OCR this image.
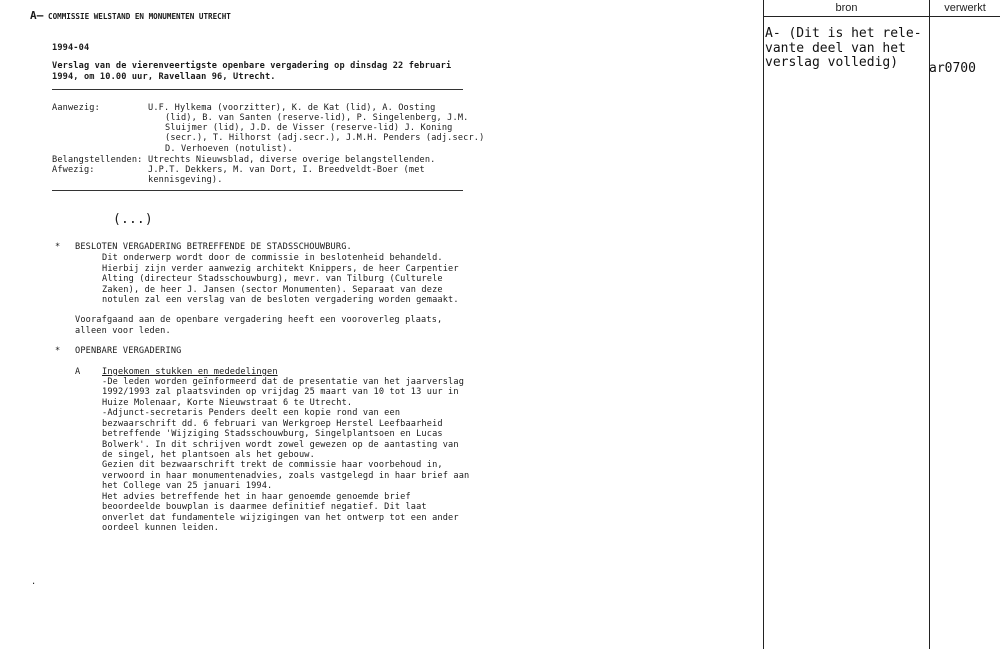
A– COMMISSIE WELSTAND EN MONUMENTEN UTRECHT
1994-04
Verslag van de vierenveertigste openbare vergadering op dinsdag 22 februari
1994, om 10.00 uur, Ravellaan 96, Utrecht.
Aanwezig:	U.F. Hylkema (voorzitter), K. de Kat (lid), A. Oosting
(lid), B. van Santen (reserve-lid), P. Singelenberg, J.M.
Sluijmer (lid), J.D. de Visser (reserve-lid) J. Koning
(secr.), T. Hilhorst (adj.secr.), J.M.H. Penders (adj.secr.)
D. Verhoeven (notulist).
Belangstellenden: Utrechts Nieuwsblad, diverse overige belangstellenden.
Afwezig:	J.P.T. Dekkers, M. van Dort, I. Breedveldt-Boer (met
kennisgeving).
(...)
* BESLOTEN VERGADERING BETREFFENDE DE STADSSCHOUWBURG.
Dit onderwerp wordt door de commissie in beslotenheid behandeld.
Hierbij zijn verder aanwezig architekt Knippers, de heer Carpentier
Alting (directeur Stadsschouwburg), mevr. van Tilburg (Culturele
Zaken), de heer J. Jansen (sector Monumenten). Separaat van deze
notulen zal een verslag van de besloten vergadering worden gemaakt.
Voorafgaand aan de openbare vergadering heeft een vooroverleg plaats,
alleen voor leden.
* OPENBARE VERGADERING
A	Ingekomen stukken en mededelingen
-De leden worden geïnformeerd dat de presentatie van het jaarverslag
1992/1993 zal plaatsvinden op vrijdag 25 maart van 10 tot 13 uur in
Huize Molenaar, Korte Nieuwstraat 6 te Utrecht.
-Adjunct-secretaris Penders deelt een kopie rond van een
bezwaarschrift dd. 6 februari van Werkgroep Herstel Leefbaarheid
betreffende 'Wijziging Stadsschouwburg, Singelplantsoen en Lucas
Bolwerk'. In dit schrijven wordt zowel gewezen op de aantasting van
de singel, het plantsoen als het gebouw.
Gezien dit bezwaarschrift trekt de commissie haar voorbehoud in,
verwoord in haar monumentenadvies, zoals vastgelegd in haar brief aan
het College van 25 januari 1994.
Het advies betreffende het in haar genoemde genoemde brief
beoordeelde bouwplan is daarmee definitief negatief. Dit laat
onverlet dat fundamentele wijzigingen van het ontwerp tot een ander
oordeel kunnen leiden.
.
bron	verwerkt
A- (Dit is het rele-
vante deel van het
verslag volledig)	ar0700
